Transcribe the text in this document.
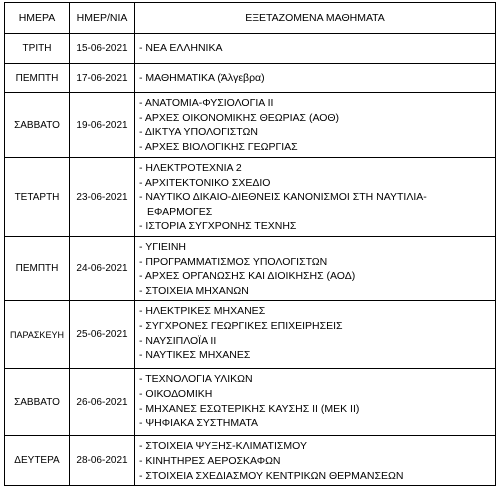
ΗΜΕΡΑ	ΗΜΕΡ/ΝΙΑ	ΕΞΕΤΑΖΟΜΕΝΑ ΜΑΘΗΜΑΤΑ
ΤΡΙΤΗ	15-06-2021	- ΝΕΑ ΕΛΛΗΝΙΚΑ

ΠΕΜΠΤΗ	17-06-2021	- ΜΑΘΗΜΑΤΙΚΑ (Άλγεβρα)

ΣΑΒΒΑΤΟ	19-06-2021	- ΑΝΑΤΟΜΙΑ-ΦΥΣΙΟΛΟΓΙΑ ΙΙ
- ΑΡΧΕΣ ΟΙΚΟΝΟΜΙΚΗΣ ΘΕΩΡΙΑΣ (ΑΟΘ)
- ΔΙΚΤΥΑ ΥΠΟΛΟΓΙΣΤΩΝ
- ΑΡΧΕΣ ΒΙΟΛΟΓΙΚΗΣ ΓΕΩΡΓΙΑΣ

ΤΕΤΑΡΤΗ	23-06-2021	- ΗΛΕΚΤΡΟΤΕΧΝΙΑ 2
- ΑΡΧΙΤΕΚΤΟΝΙΚΟ ΣΧΕΔΙΟ
- ΝΑΥΤΙΚΟ ΔΙΚΑΙΟ-ΔΙΕΘΝΕΙΣ ΚΑΝΟΝΙΣΜΟΙ ΣΤΗ ΝΑΥΤΙΛΙΑ-
ΕΦΑΡΜΟΓΕΣ
- ΙΣΤΟΡΙΑ ΣΥΓΧΡΟΝΗΣ ΤΕΧΝΗΣ

ΠΕΜΠΤΗ	24-06-2021	- ΥΓΙΕΙΝΗ
- ΠΡΟΓΡΑΜΜΑΤΙΣΜΟΣ ΥΠΟΛΟΓΙΣΤΩΝ
- ΑΡΧΕΣ ΟΡΓΑΝΩΣΗΣ ΚΑΙ ΔΙΟΙΚΗΣΗΣ (ΑΟΔ)
- ΣΤΟΙΧΕΙΑ ΜΗΧΑΝΩΝ

ΠΑΡΑΣΚΕΥΗ	25-06-2021	- ΗΛΕΚΤΡΙΚΕΣ ΜΗΧΑΝΕΣ
- ΣΥΓΧΡΟΝΕΣ ΓΕΩΡΓΙΚΕΣ ΕΠΙΧΕΙΡΗΣΕΙΣ
- ΝΑΥΣΙΠΛΟΪΑ ΙΙ
- ΝΑΥΤΙΚΕΣ ΜΗΧΑΝΕΣ

ΣΑΒΒΑΤΟ	26-06-2021	- ΤΕΧΝΟΛΟΓΙΑ ΥΛΙΚΩΝ
- ΟΙΚΟΔΟΜΙΚΗ
- ΜΗΧΑΝΕΣ ΕΣΩΤΕΡΙΚΗΣ ΚΑΥΣΗΣ ΙΙ (ΜΕΚ ΙΙ)
- ΨΗΦΙΑΚΑ ΣΥΣΤΗΜΑΤΑ

ΔΕΥΤΕΡΑ	28-06-2021	- ΣΤΟΙΧΕΙΑ ΨΥΞΗΣ-ΚΛΙΜΑΤΙΣΜΟΥ
- ΚΙΝΗΤΗΡΕΣ ΑΕΡΟΣΚΑΦΩΝ
- ΣΤΟΙΧΕΙΑ ΣΧΕΔΙΑΣΜΟΥ ΚΕΝΤΡΙΚΩΝ ΘΕΡΜΑΝΣΕΩΝ
